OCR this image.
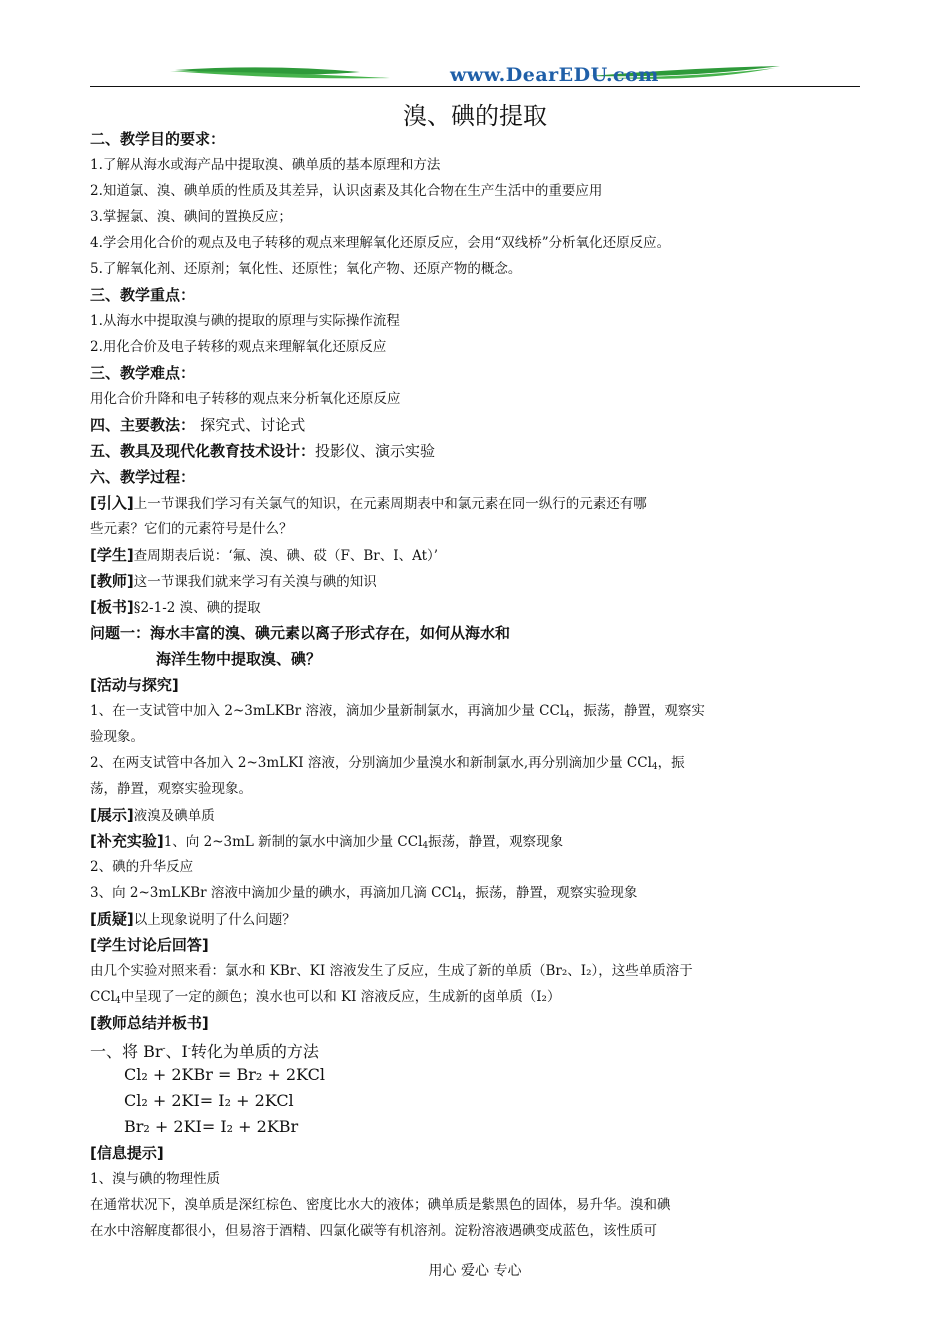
www.DearEDU.com
溴、碘的提取
二、教学目的要求：
1.了解从海水或海产品中提取溴、碘单质的基本原理和方法
2.知道氯、溴、碘单质的性质及其差异，认识卤素及其化合物在生产生活中的重要应用
3.掌握氯、溴、碘间的置换反应；
4.学会用化合价的观点及电子转移的观点来理解氧化还原反应，会用“双线桥”分析氧化还原反应。
5.了解氧化剂、还原剂；氧化性、还原性；氧化产物、还原产物的概念。
三、教学重点：
1.从海水中提取溴与碘的提取的原理与实际操作流程
2.用化合价及电子转移的观点来理解氧化还原反应
三、教学难点：
用化合价升降和电子转移的观点来分析氧化还原反应
四、主要教法： 探究式、讨论式
五、教具及现代化教育技术设计：投影仪、演示实验
六、教学过程：
[引入]上一节课我们学习有关氯气的知识，在元素周期表中和氯元素在同一纵行的元素还有哪
些元素？它们的元素符号是什么？
[学生]查周期表后说：‘氟、溴、碘、砹（F、Br、I、At）’
[教师]这一节课我们就来学习有关溴与碘的知识
[板书]§2-1-2 溴、碘的提取
问题一：海水丰富的溴、碘元素以离子形式存在，如何从海水和
海洋生物中提取溴、碘？
[活动与探究]
1、在一支试管中加入 2~3mLKBr 溶液，滴加少量新制氯水，再滴加少量 CCl$_4$，振荡，静置，观察实
验现象。
2、在两支试管中各加入 2~3mLKI 溶液，分别滴加少量溴水和新制氯水,再分别滴加少量 CCl$_4$，振
荡，静置，观察实验现象。
[展示]液溴及碘单质
[补充实验]1、向 2~3mL 新制的氯水中滴加少量 CCl$_4$振荡，静置，观察现象
2、碘的升华反应
3、向 2~3mLKBr 溶液中滴加少量的碘水，再滴加几滴 CCl$_4$，振荡，静置，观察实验现象
[质疑]以上现象说明了什么问题？
[学生讨论后回答]
由几个实验对照来看：氯水和 KBr、KI 溶液发生了反应，生成了新的单质（Br₂、I₂），这些单质溶于
CCl$_4$中呈现了一定的颜色；溴水也可以和 KI 溶液反应，生成新的卤单质（I₂）
[教师总结并板书]
一、将 Br-、I-转化为单质的方法
Cl₂ + 2KBr = Br₂ + 2KCl
Cl₂ + 2KI= I₂ + 2KCl
Br₂ + 2KI= I₂ + 2KBr
[信息提示]
1、溴与碘的物理性质
在通常状况下，溴单质是深红棕色、密度比水大的液体；碘单质是紫黑色的固体，易升华。溴和碘
在水中溶解度都很小，但易溶于酒精、四氯化碳等有机溶剂。淀粉溶液遇碘变成蓝色，该性质可
用心 爱心 专心
